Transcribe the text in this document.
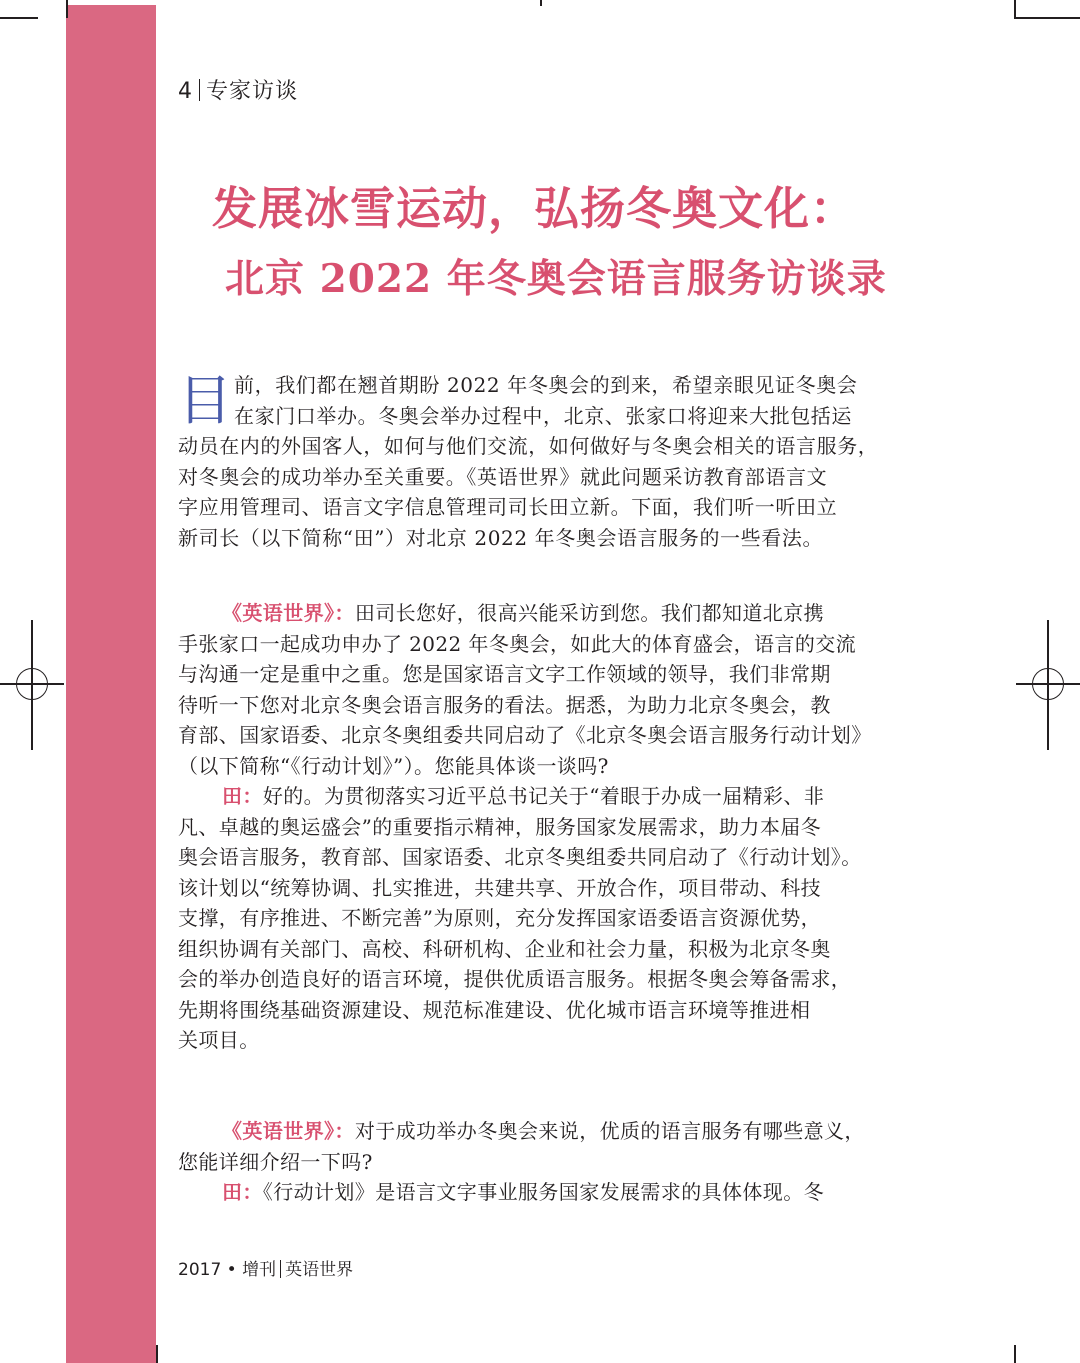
4 专家访谈
发展冰雪运动，弘扬冬奥文化：
北京 2022 年冬奥会语言服务访谈录
目 前，我们都在翘首期盼 2022 年冬奥会的到来，希望亲眼见证冬奥会
在家门口举办。冬奥会举办过程中，北京、张家口将迎来大批包括运
动员在内的外国客人，如何与他们交流，如何做好与冬奥会相关的语言服务，
对冬奥会的成功举办至关重要。《英语世界》就此问题采访教育部语言文
字应用管理司、语言文字信息管理司司长田立新。下面，我们听一听田立
新司长（以下简称“田”）对北京 2022 年冬奥会语言服务的一些看法。
《英语世界》：田司长您好，很高兴能采访到您。我们都知道北京携
手张家口一起成功申办了 2022 年冬奥会，如此大的体育盛会，语言的交流
与沟通一定是重中之重。您是国家语言文字工作领域的领导，我们非常期
待听一下您对北京冬奥会语言服务的看法。据悉，为助力北京冬奥会，教
育部、国家语委、北京冬奥组委共同启动了《北京冬奥会语言服务行动计划》
（以下简称“《行动计划》”）。您能具体谈一谈吗?
田：好的。为贯彻落实习近平总书记关于“着眼于办成一届精彩、非
凡、卓越的奥运盛会”的重要指示精神，服务国家发展需求，助力本届冬
奥会语言服务，教育部、国家语委、北京冬奥组委共同启动了《行动计划》。
该计划以“统筹协调、扎实推进，共建共享、开放合作，项目带动、科技
支撑，有序推进、不断完善”为原则，充分发挥国家语委语言资源优势，
组织协调有关部门、高校、科研机构、企业和社会力量，积极为北京冬奥
会的举办创造良好的语言环境，提供优质语言服务。根据冬奥会筹备需求，
先期将围绕基础资源建设、规范标准建设、优化城市语言环境等推进相
关项目。
《英语世界》：对于成功举办冬奥会来说，优质的语言服务有哪些意义，
您能详细介绍一下吗?
田：《行动计划》是语言文字事业服务国家发展需求的具体体现。冬
2017 • 增刊 英语世界
